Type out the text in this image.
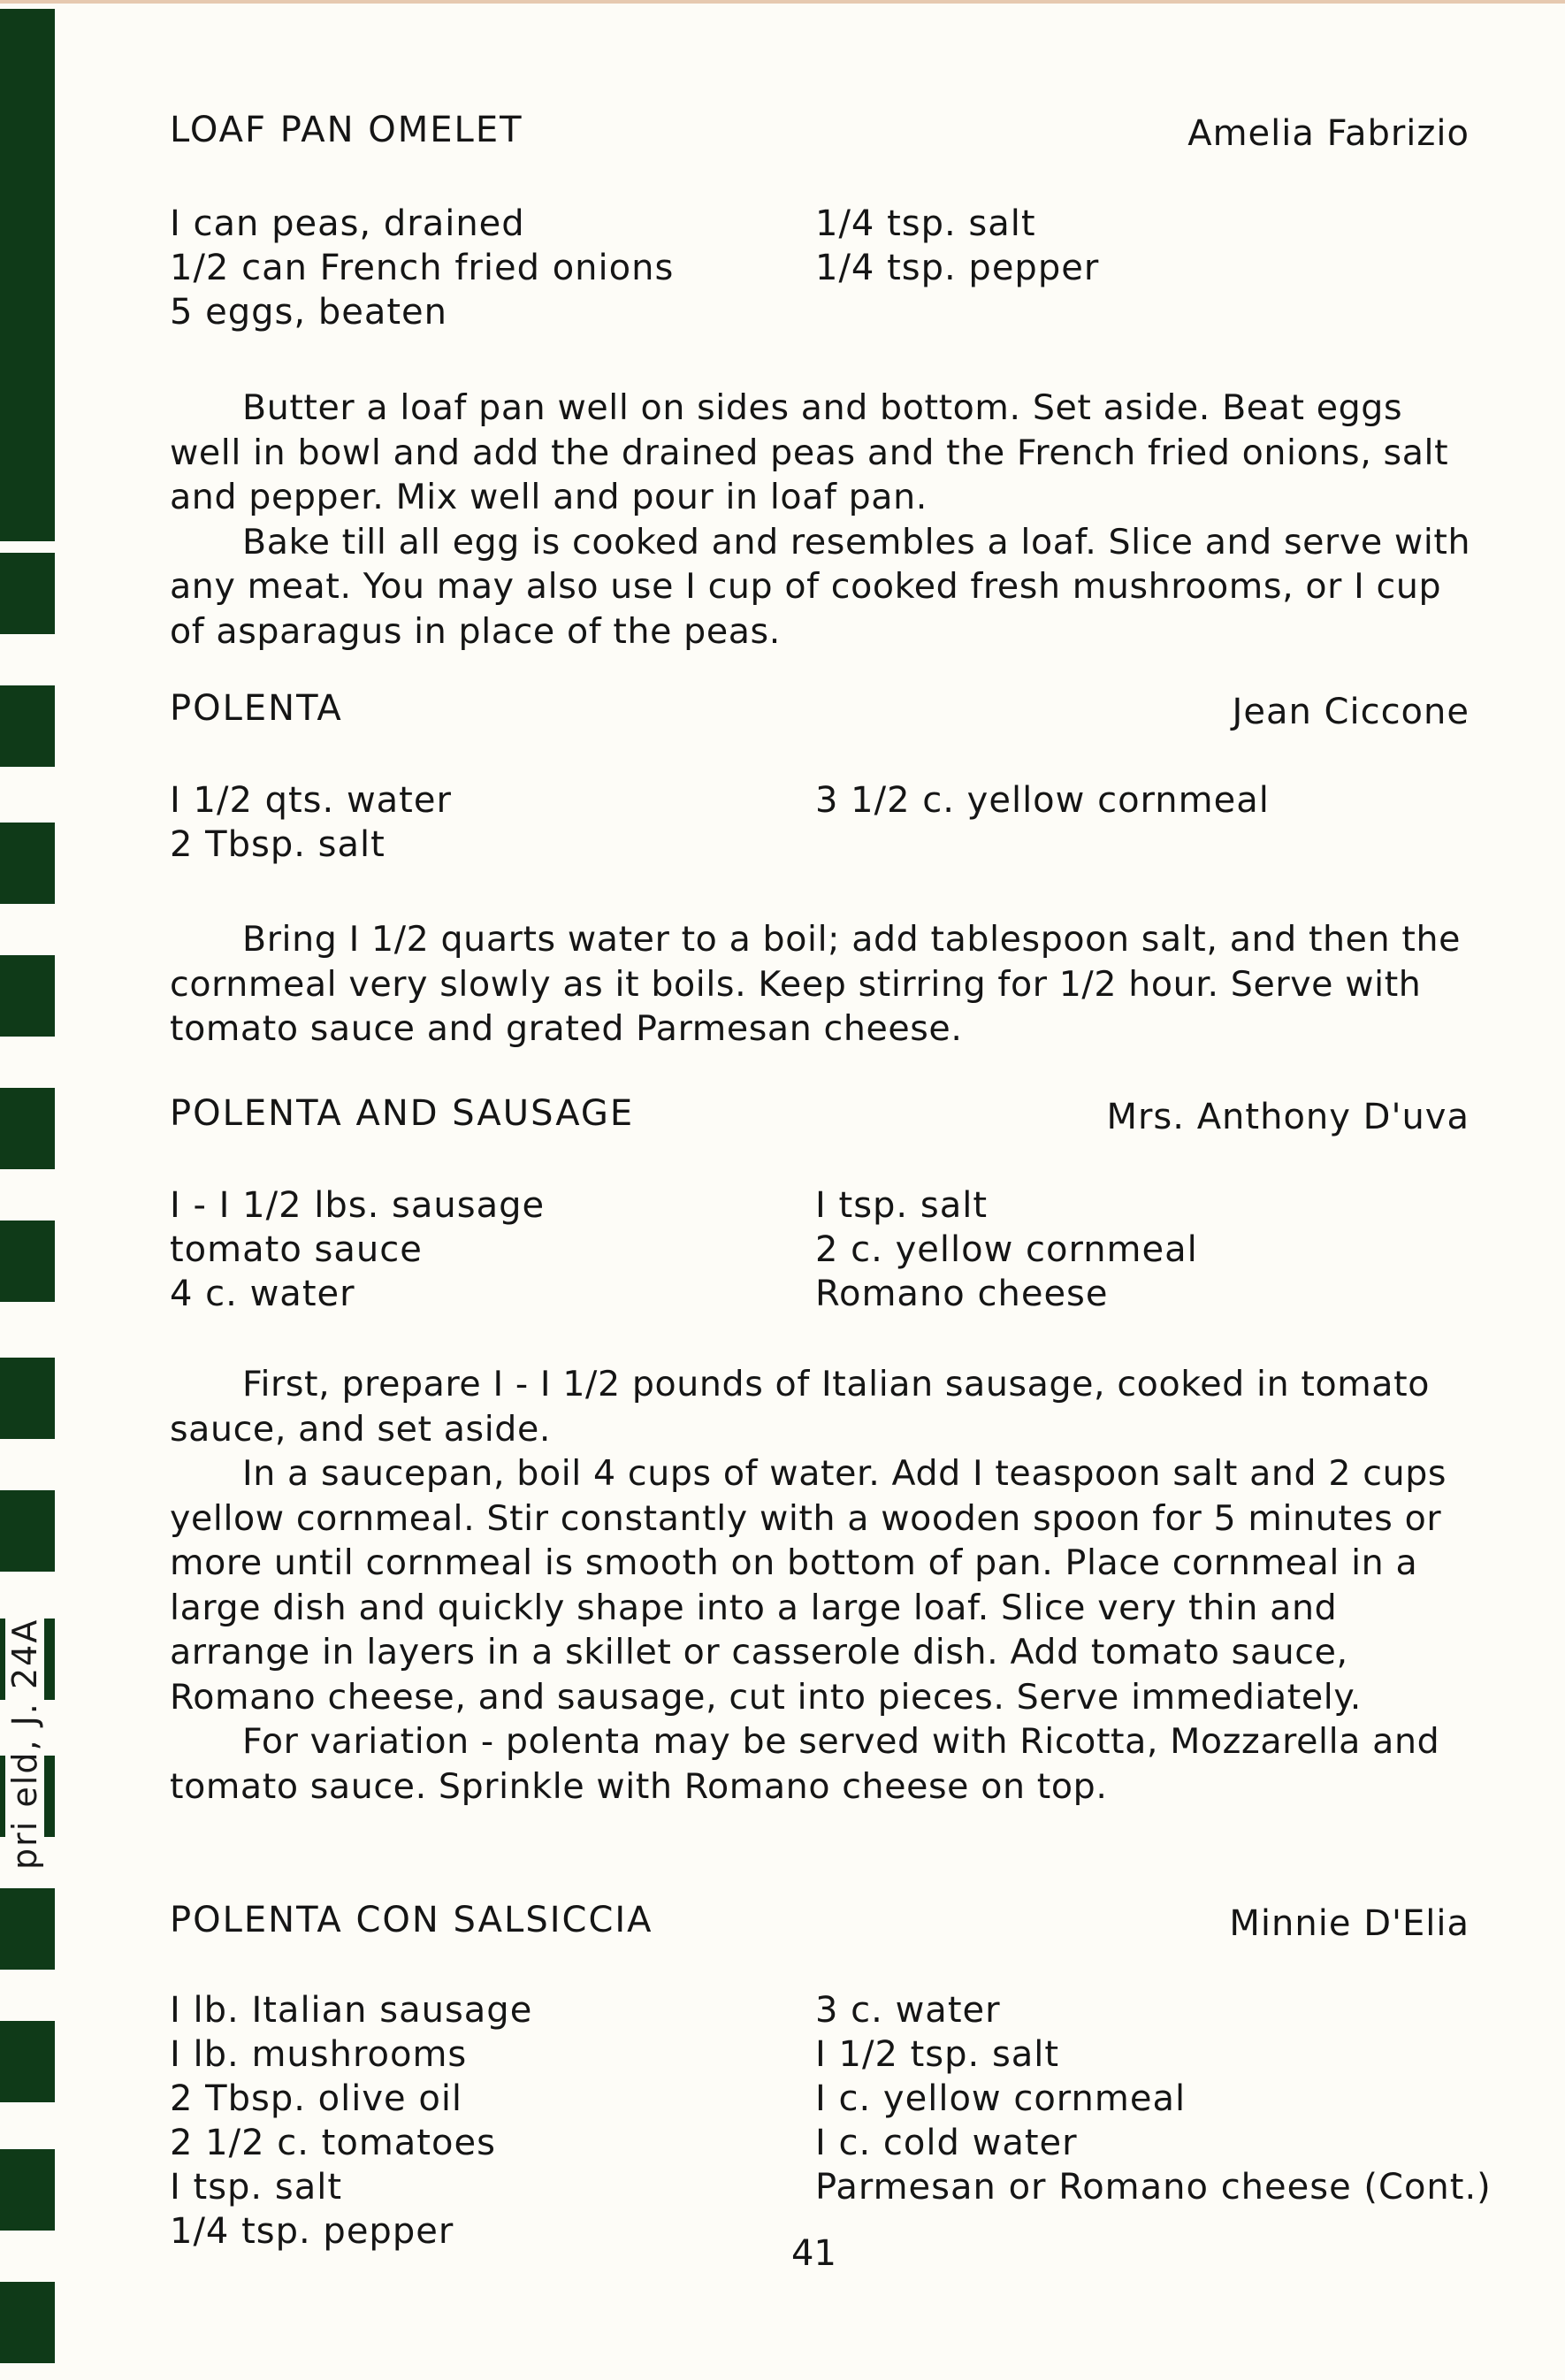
pri eld, J. 24A
LOAF PAN OMELET	Amelia Fabrizio
I can peas, drained
1/2 can French fried onions
5 eggs, beaten
1/4 tsp. salt
1/4 tsp. pepper

Butter a loaf pan well on sides and bottom. Set aside. Beat eggs well in bowl and add the drained peas and the French fried onions, salt and pepper. Mix well and pour in loaf pan.

Bake till all egg is cooked and resembles a loaf. Slice and serve with any meat. You may also use I cup of cooked fresh mushrooms, or I cup of asparagus in place of the peas.

POLENTA	Jean Ciccone
I 1/2 qts. water
2 Tbsp. salt
3 1/2 c. yellow cornmeal

Bring I 1/2 quarts water to a boil; add tablespoon salt, and then the cornmeal very slowly as it boils. Keep stirring for 1/2 hour. Serve with tomato sauce and grated Parmesan cheese.

POLENTA AND SAUSAGE	Mrs. Anthony D'uva
I - I 1/2 lbs. sausage
tomato sauce
4 c. water
I tsp. salt
2 c. yellow cornmeal
Romano cheese

First, prepare I - I 1/2 pounds of Italian sausage, cooked in tomato sauce, and set aside.

In a saucepan, boil 4 cups of water. Add I teaspoon salt and 2 cups yellow cornmeal. Stir constantly with a wooden spoon for 5 minutes or more until cornmeal is smooth on bottom of pan. Place cornmeal in a large dish and quickly shape into a large loaf. Slice very thin and arrange in layers in a skillet or casserole dish. Add tomato sauce, Romano cheese, and sausage, cut into pieces. Serve immediately.

For variation - polenta may be served with Ricotta, Mozzarella and tomato sauce. Sprinkle with Romano cheese on top.

POLENTA CON SALSICCIA	Minnie D'Elia
I lb. Italian sausage
I lb. mushrooms
2 Tbsp. olive oil
2 1/2 c. tomatoes
I tsp. salt
1/4 tsp. pepper
3 c. water
I 1/2 tsp. salt
I c. yellow cornmeal
I c. cold water
Parmesan or Romano cheese (Cont.)
41
